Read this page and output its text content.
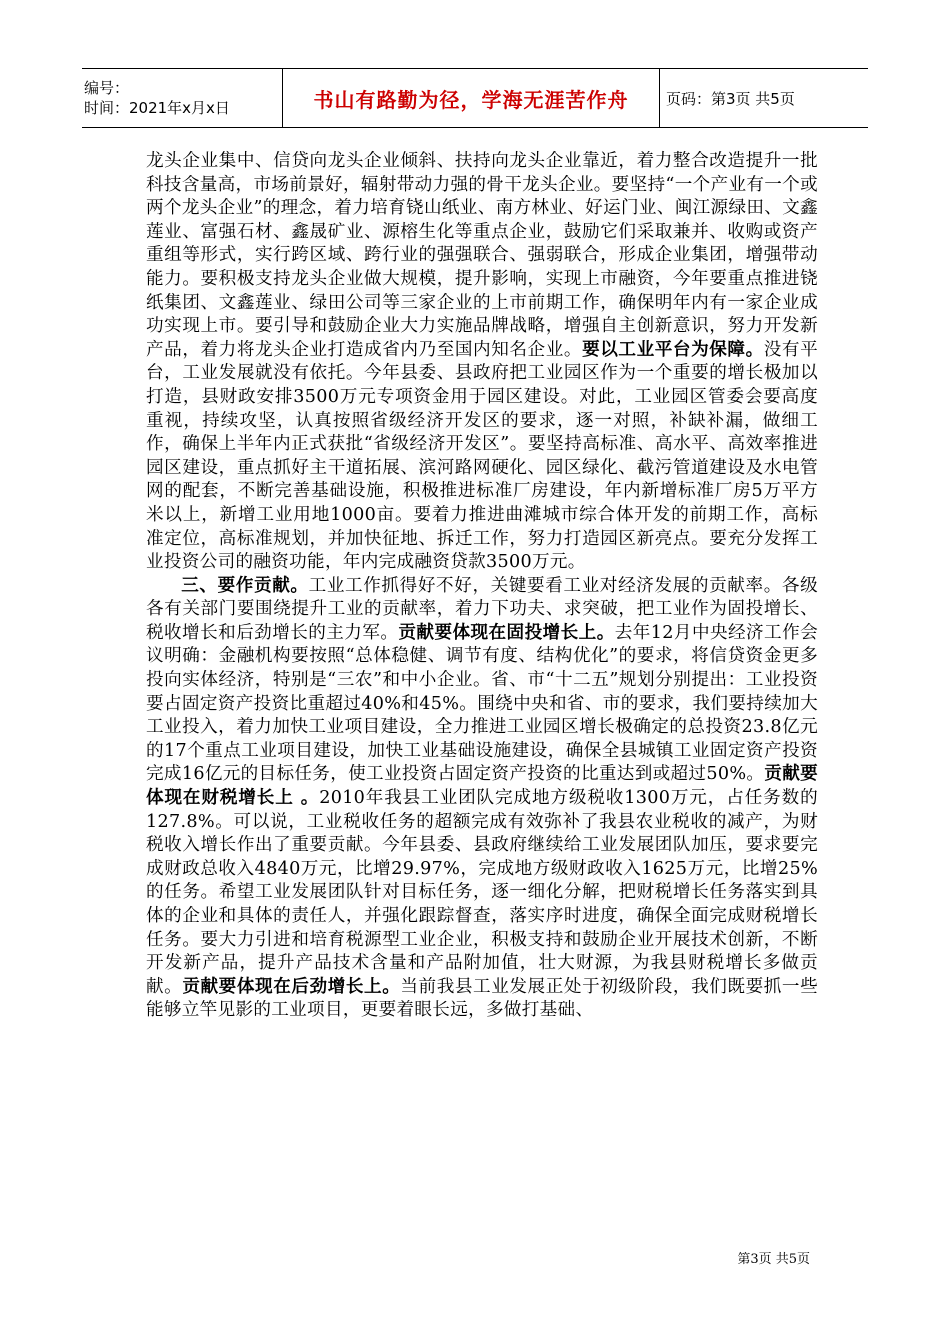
编号：
时间：2021年x月x日	书山有路勤为径，学海无涯苦作舟	页码：第3页 共5页

龙头企业集中、信贷向龙头企业倾斜、扶持向龙头企业靠近，着力整合改造提升一批科技含量高，市场前景好，辐射带动力强的骨干龙头企业。要坚持“一个产业有一个或两个龙头企业”的理念，着力培育铙山纸业、南方林业、好运门业、闽江源绿田、文鑫莲业、富强石材、鑫晟矿业、源榕生化等重点企业，鼓励它们采取兼并、收购或资产重组等形式，实行跨区域、跨行业的强强联合、强弱联合，形成企业集团，增强带动能力。要积极支持龙头企业做大规模，提升影响，实现上市融资，今年要重点推进铙纸集团、文鑫莲业、绿田公司等三家企业的上市前期工作，确保明年内有一家企业成功实现上市。要引导和鼓励企业大力实施品牌战略，增强自主创新意识，努力开发新产品，着力将龙头企业打造成省内乃至国内知名企业。要以工业平台为保障。没有平台，工业发展就没有依托。今年县委、县政府把工业园区作为一个重要的增长极加以打造，县财政安排3500万元专项资金用于园区建设。对此，工业园区管委会要高度重视，持续攻坚，认真按照省级经济开发区的要求，逐一对照，补缺补漏，做细工作，确保上半年内正式获批“省级经济开发区”。要坚持高标准、高水平、高效率推进园区建设，重点抓好主干道拓展、滨河路网硬化、园区绿化、截污管道建设及水电管网的配套，不断完善基础设施，积极推进标准厂房建设，年内新增标准厂房5万平方米以上，新增工业用地1000亩。要着力推进曲滩城市综合体开发的前期工作，高标准定位，高标准规划，并加快征地、拆迁工作，努力打造园区新亮点。要充分发挥工业投资公司的融资功能，年内完成融资贷款3500万元。

三、要作贡献。工业工作抓得好不好，关键要看工业对经济发展的贡献率。各级各有关部门要围绕提升工业的贡献率，着力下功夫、求突破，把工业作为固投增长、税收增长和后劲增长的主力军。贡献要体现在固投增长上。去年12月中央经济工作会议明确：金融机构要按照“总体稳健、调节有度、结构优化”的要求，将信贷资金更多投向实体经济，特别是“三农”和中小企业。省、市“十二五”规划分别提出：工业投资要占固定资产投资比重超过40%和45%。围绕中央和省、市的要求，我们要持续加大工业投入，着力加快工业项目建设，全力推进工业园区增长极确定的总投资23.8亿元的17个重点工业项目建设，加快工业基础设施建设，确保全县城镇工业固定资产投资完成16亿元的目标任务，使工业投资占固定资产投资的比重达到或超过50%。贡献要体现在财税增长上 。2010年我县工业团队完成地方级税收1300万元，占任务数的127.8%。可以说，工业税收任务的超额完成有效弥补了我县农业税收的减产，为财税收入增长作出了重要贡献。今年县委、县政府继续给工业发展团队加压，要求要完成财政总收入4840万元，比增29.97%，完成地方级财政收入1625万元，比增25%的任务。希望工业发展团队针对目标任务，逐一细化分解，把财税增长任务落实到具体的企业和具体的责任人，并强化跟踪督查，落实序时进度，确保全面完成财税增长任务。要大力引进和培育税源型工业企业，积极支持和鼓励企业开展技术创新，不断开发新产品，提升产品技术含量和产品附加值，壮大财源，为我县财税增长多做贡献。贡献要体现在后劲增长上。当前我县工业发展正处于初级阶段，我们既要抓一些能够立竿见影的工业项目，更要着眼长远，多做打基础、

第3页 共5页
